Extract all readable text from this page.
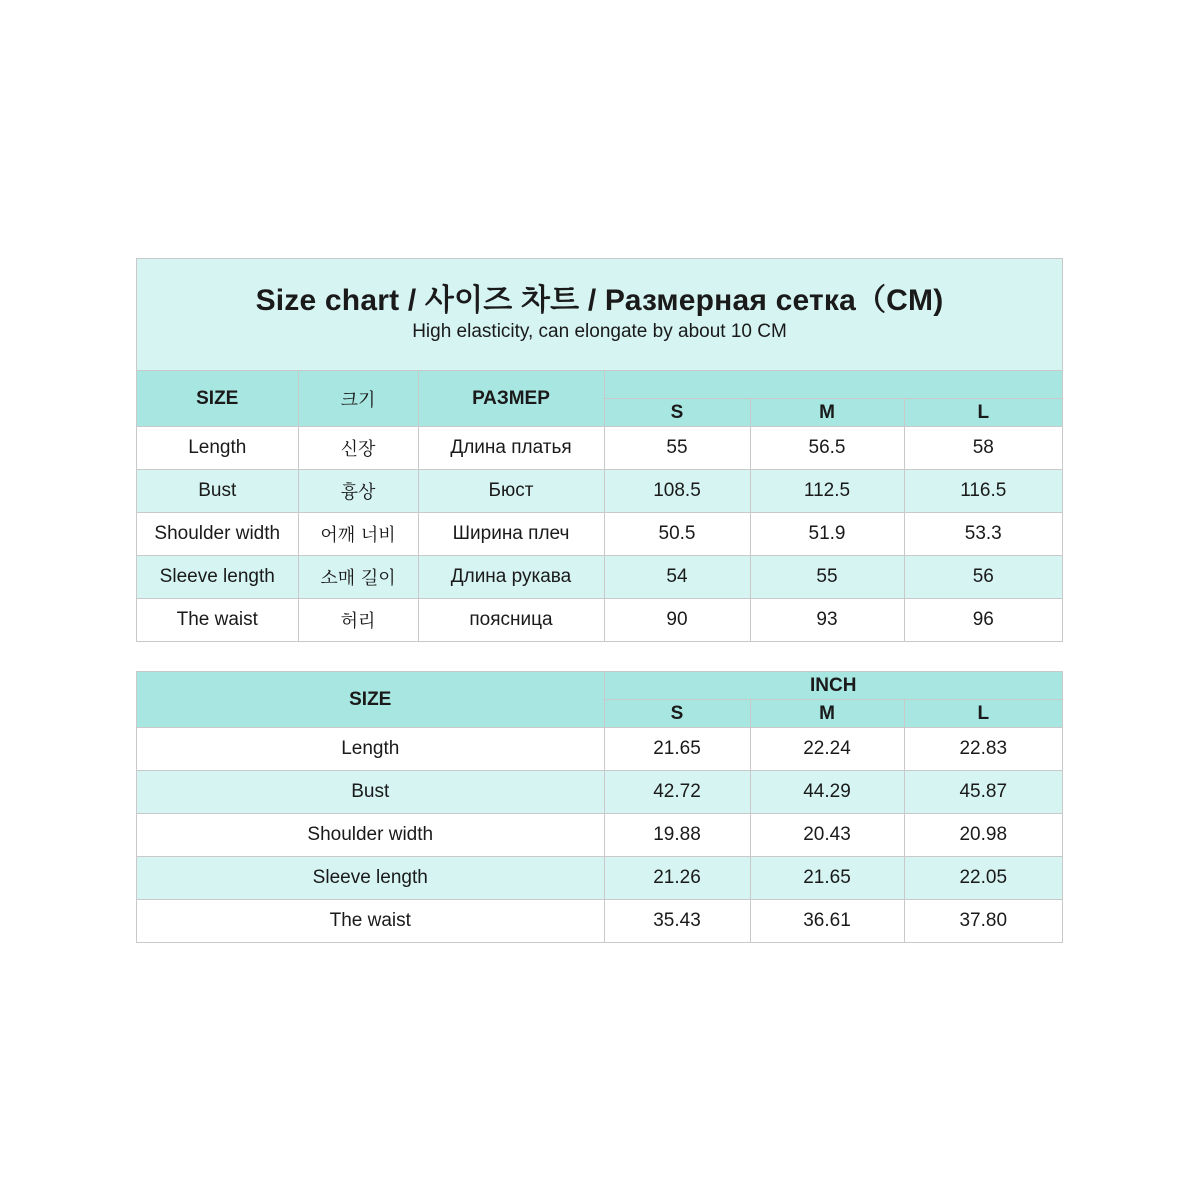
Size chart / 사이즈 차트 / Размерная сетка（CM)
High elasticity, can elongate by about 10 CM
SIZE	크기	РАЗМЕР			
			S	M	L
Length	신장	Длина платья	55	56.5	58
Bust	흉상	Бюст	108.5	112.5	116.5
Shoulder width	어깨 너비	Ширина плеч	50.5	51.9	53.3
Sleeve length	소매 길이	Длина рукава	54	55	56
The waist	허리	поясница	90	93	96
SIZE	INCH		
	S	M	L
Length	21.65	22.24	22.83
Bust	42.72	44.29	45.87
Shoulder width	19.88	20.43	20.98
Sleeve length	21.26	21.65	22.05
The waist	35.43	36.61	37.80
